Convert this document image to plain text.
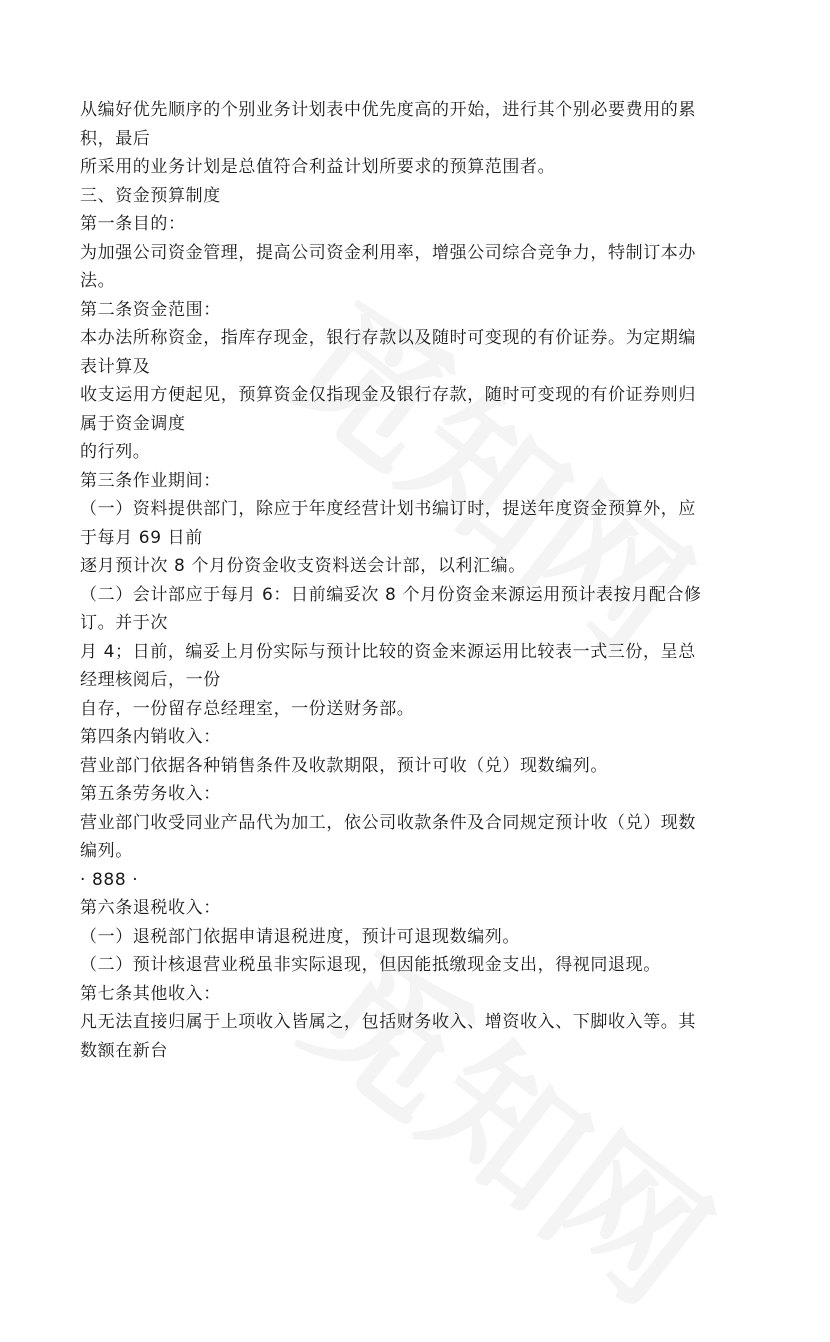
从编好优先顺序的个别业务计划表中优先度高的开始，进行其个别必要费用的累

积，最后

所采用的业务计划是总值符合利益计划所要求的预算范围者。

三、资金预算制度

第一条目的：

为加强公司资金管理，提高公司资金利用率，增强公司综合竞争力，特制订本办

法。

第二条资金范围：

本办法所称资金，指库存现金，银行存款以及随时可变现的有价证券。为定期编

表计算及

收支运用方便起见，预算资金仅指现金及银行存款，随时可变现的有价证券则归

属于资金调度

的行列。

第三条作业期间：

（一）资料提供部门，除应于年度经营计划书编订时，提送年度资金预算外，应

于每月 69 日前

逐月预计次 8 个月份资金收支资料送会计部，以利汇编。

（二）会计部应于每月 6：日前编妥次 8 个月份资金来源运用预计表按月配合修

订。并于次

月 4；日前，编妥上月份实际与预计比较的资金来源运用比较表一式三份，呈总

经理核阅后，一份

自存，一份留存总经理室，一份送财务部。

第四条内销收入：

营业部门依据各种销售条件及收款期限，预计可收（兑）现数编列。

第五条劳务收入：

营业部门收受同业产品代为加工，依公司收款条件及合同规定预计收（兑）现数

编列。

· 888 ·

第六条退税收入：

（一）退税部门依据申请退税进度，预计可退现数编列。

（二）预计核退营业税虽非实际退现，但因能抵缴现金支出，得视同退现。

第七条其他收入：

凡无法直接归属于上项收入皆属之，包括财务收入、增资收入、下脚收入等。其

数额在新台
